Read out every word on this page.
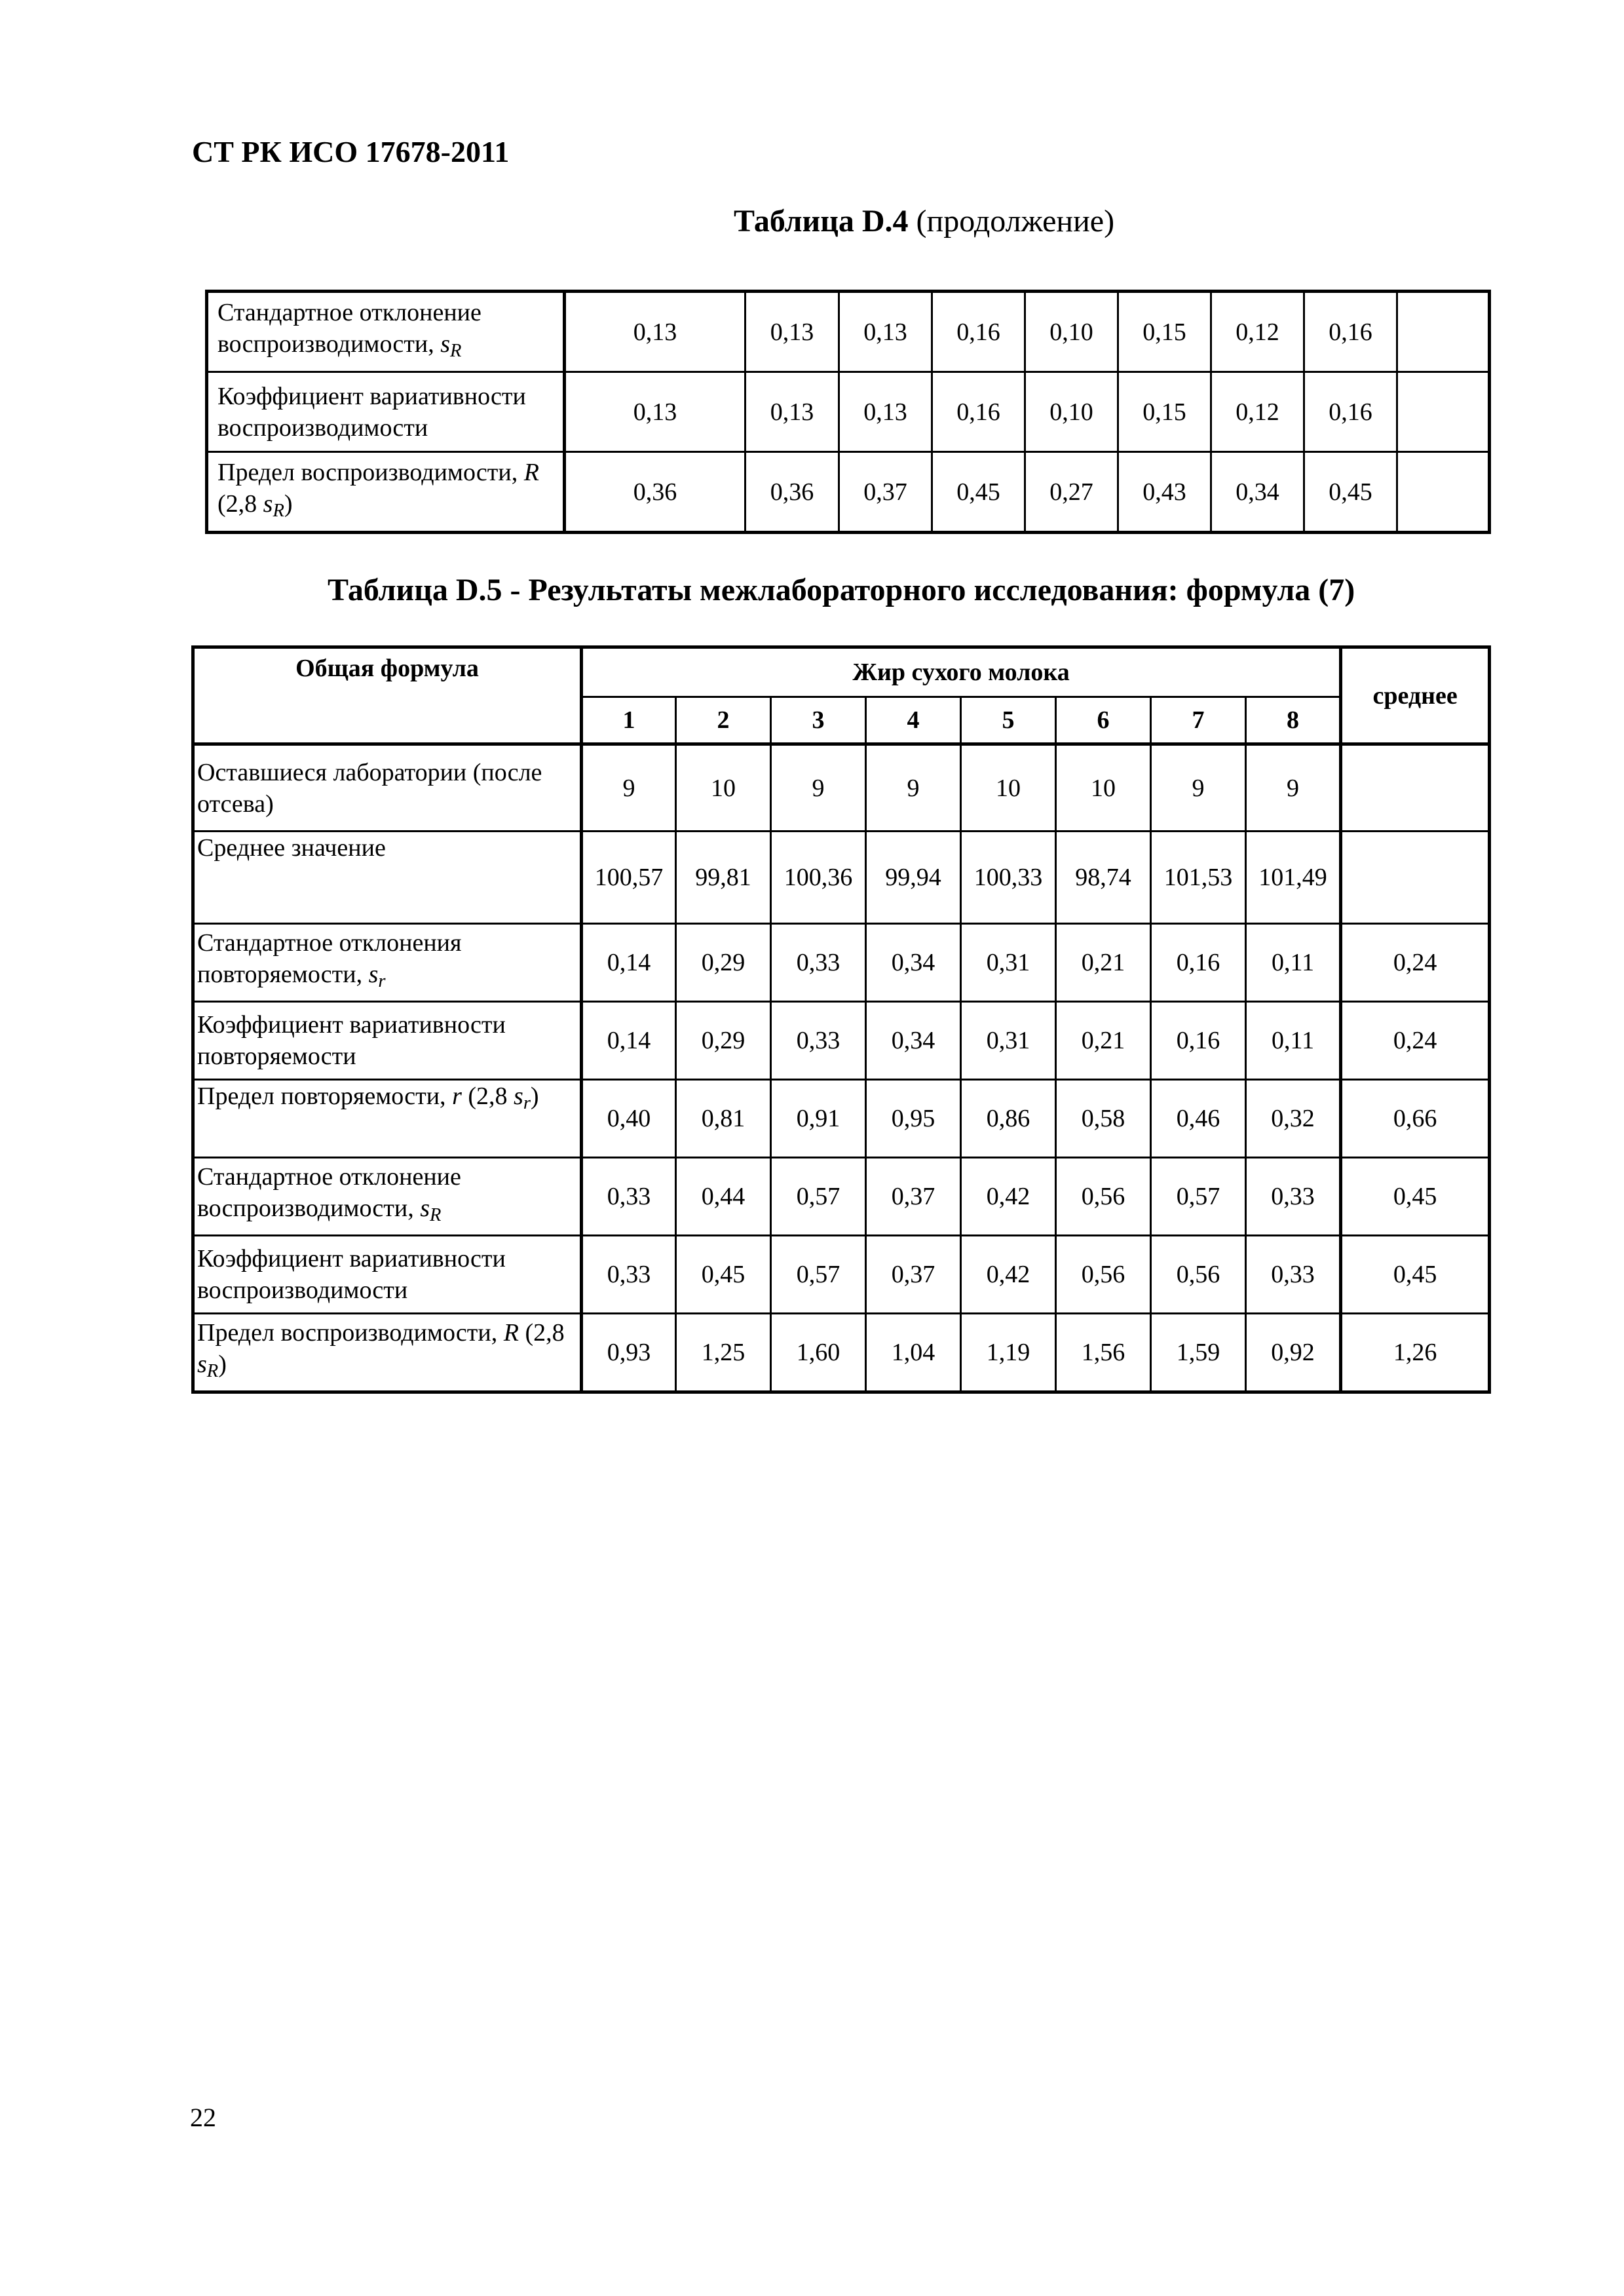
СТ РК ИСО 17678-2011
Таблица D.4 (продолжение)
Стандартное отклонение воспроизводимости, $s_R$	0,13	0,13	0,13	0,16	0,10	0,15	0,12	0,16	
Коэффициент вариативности воспроизводимости	0,13	0,13	0,13	0,16	0,10	0,15	0,12	0,16	
Предел воспроизводимости, R (2,8 $s_R$)	0,36	0,36	0,37	0,45	0,27	0,43	0,34	0,45	
Таблица D.5 - Результаты межлабораторного исследования: формула (7)
Общая формула	Жир сухого молока								среднее
	1	2	3	4	5	6	7	8	
Оставшиеся лаборатории (после отсева)	9	10	9	9	10	10	9	9	
Среднее значение	100,57	99,81	100,36	99,94	100,33	98,74	101,53	101,49	
Стандартное отклонения повторяемости, $s_r$	0,14	0,29	0,33	0,34	0,31	0,21	0,16	0,11	0,24
Коэффициент вариативности повторяемости	0,14	0,29	0,33	0,34	0,31	0,21	0,16	0,11	0,24
Предел повторяемости, r (2,8 $s_r$)	0,40	0,81	0,91	0,95	0,86	0,58	0,46	0,32	0,66
Стандартное отклонение воспроизводимости, $s_R$	0,33	0,44	0,57	0,37	0,42	0,56	0,57	0,33	0,45
Коэффициент вариативности воспроизводимости	0,33	0,45	0,57	0,37	0,42	0,56	0,56	0,33	0,45
Предел воспроизводимости, R (2,8 $s_R$)	0,93	1,25	1,60	1,04	1,19	1,56	1,59	0,92	1,26
22
